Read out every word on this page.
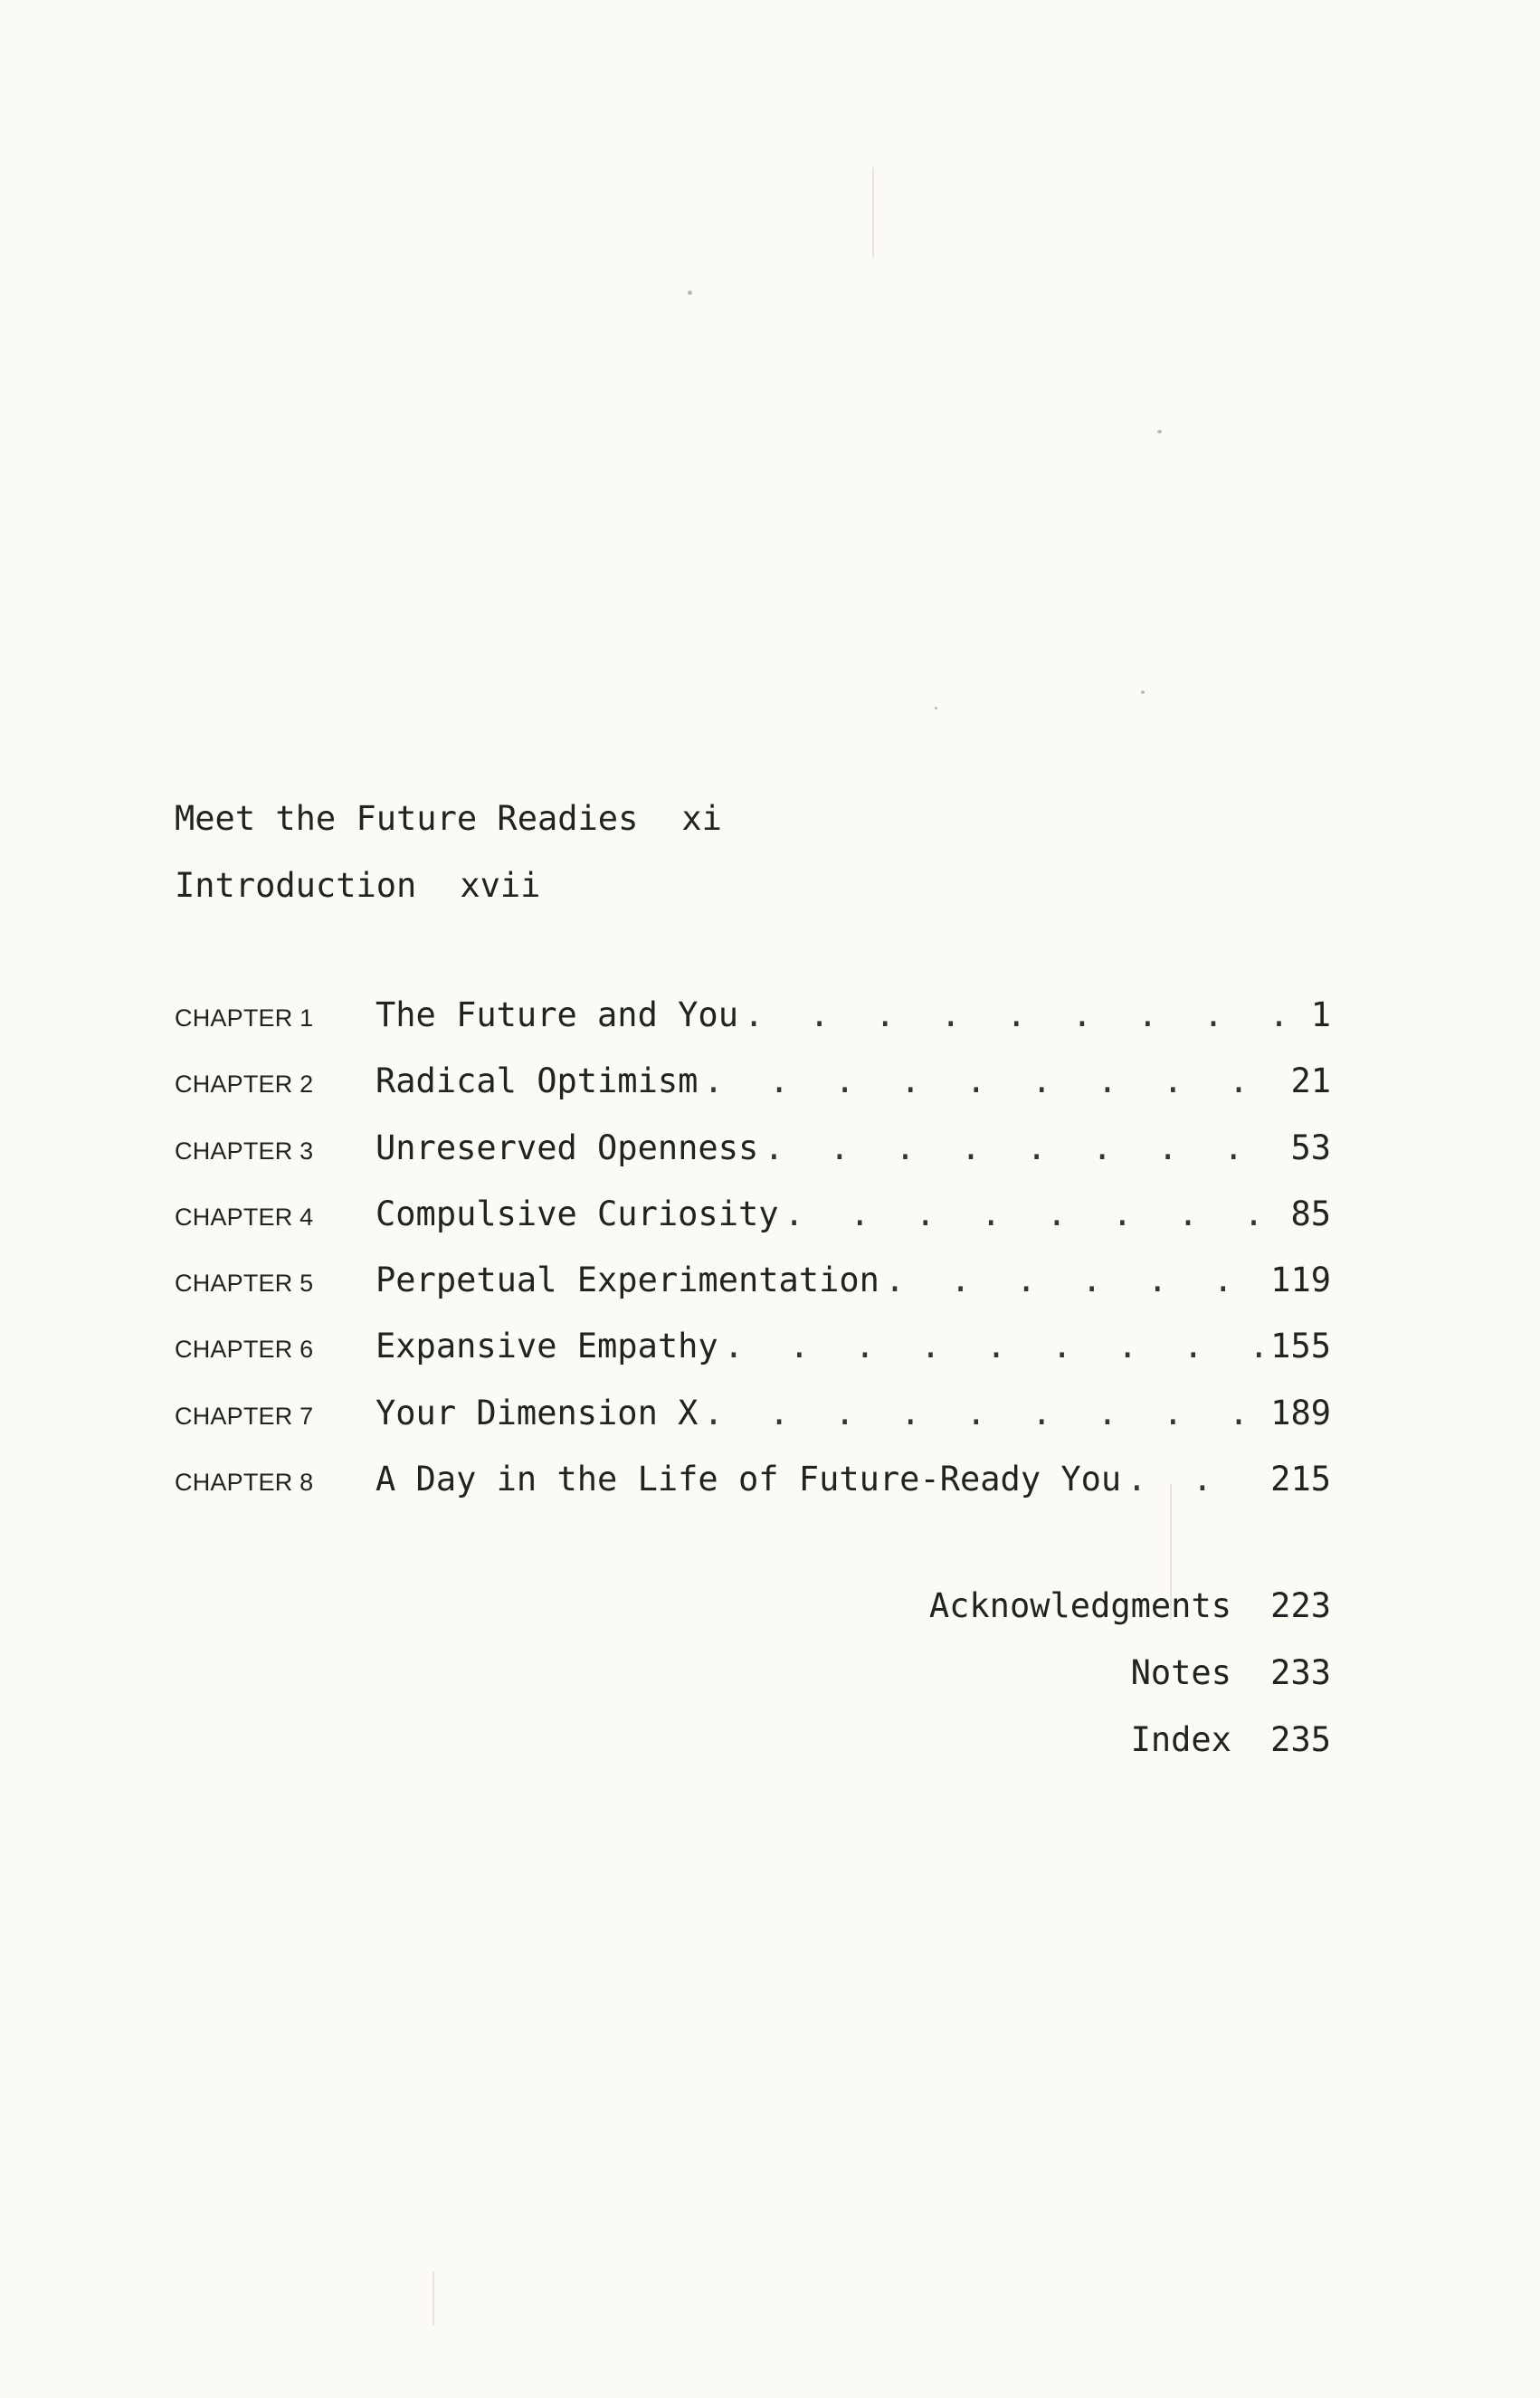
Meet the Future Readies xi
Introduction xvii
CHAPTER 1	The Future and You . . .	1
CHAPTER 2	Radical Optimism . . .	21
CHAPTER 3	Unreserved Openness . . .	53
CHAPTER 4	Compulsive Curiosity . . .	85
CHAPTER 5	Perpetual Experimentation . . .	119
CHAPTER 6	Expansive Empathy . . .	155
CHAPTER 7	Your Dimension X . . .	189
CHAPTER 8	A Day in the Life of Future-Ready You . . .	215
Acknowledgments	223
Notes	233
Index	235
